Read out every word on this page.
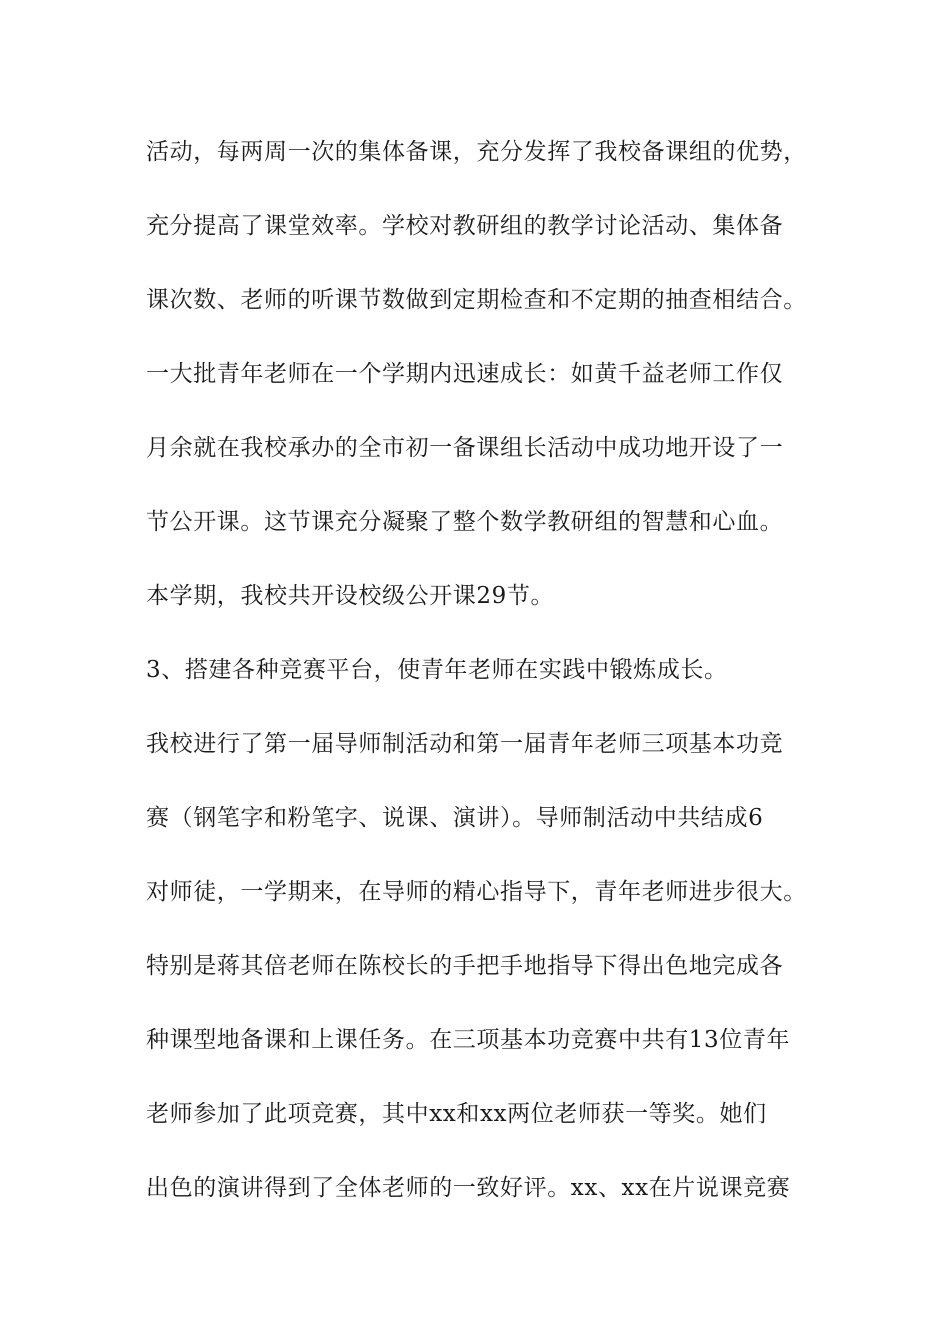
活动，每两周一次的集体备课，充分发挥了我校备课组的优势，
充分提高了课堂效率。学校对教研组的教学讨论活动、集体备
课次数、老师的听课节数做到定期检查和不定期的抽查相结合。
一大批青年老师在一个学期内迅速成长：如黄千益老师工作仅
月余就在我校承办的全市初一备课组长活动中成功地开设了一
节公开课。这节课充分凝聚了整个数学教研组的智慧和心血。
本学期，我校共开设校级公开课29节。
3、搭建各种竞赛平台，使青年老师在实践中锻炼成长。
我校进行了第一届导师制活动和第一届青年老师三项基本功竞
赛（钢笔字和粉笔字、说课、演讲）。导师制活动中共结成6
对师徒，一学期来，在导师的精心指导下，青年老师进步很大。
特别是蒋其倍老师在陈校长的手把手地指导下得出色地完成各
种课型地备课和上课任务。在三项基本功竞赛中共有13位青年
老师参加了此项竞赛，其中xx和xx两位老师获一等奖。她们
出色的演讲得到了全体老师的一致好评。xx、xx在片说课竞赛
